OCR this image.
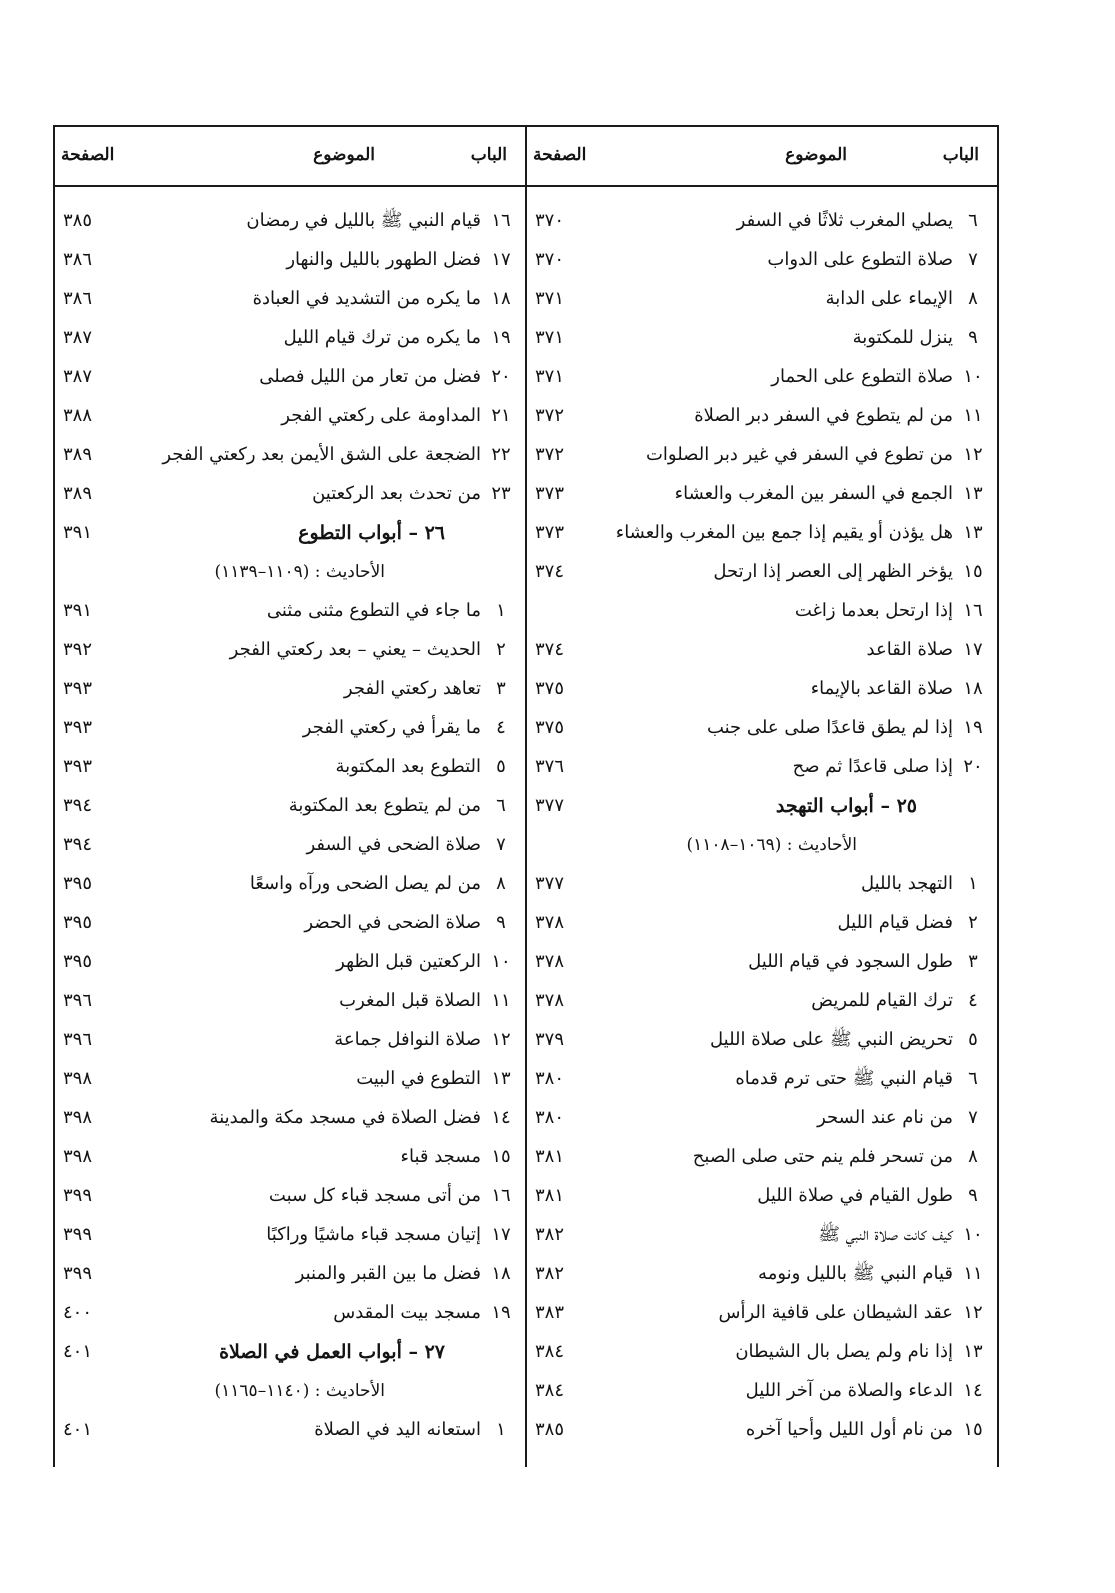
الباب
الموضوع
الصفحة
٦
يصلي المغرب ثلاثًا في السفر
٣٧٠
٧
صلاة التطوع على الدواب
٣٧٠
٨
الإيماء على الدابة
٣٧١
٩
ينزل للمكتوبة
٣٧١
١٠
صلاة التطوع على الحمار
٣٧١
١١
من لم يتطوع في السفر دبر الصلاة
٣٧٢
١٢
من تطوع في السفر في غير دبر الصلوات
٣٧٢
١٣
الجمع في السفر بين المغرب والعشاء
٣٧٣
١٣
هل يؤذن أو يقيم إذا جمع بين المغرب والعشاء
٣٧٣
١٥
يؤخر الظهر إلى العصر إذا ارتحل
٣٧٤
١٦
إذا ارتحل بعدما زاغت
١٧
صلاة القاعد
٣٧٤
١٨
صلاة القاعد بالإيماء
٣٧٥
١٩
إذا لم يطق قاعدًا صلى على جنب
٣٧٥
٢٠
إذا صلى قاعدًا ثم صح
٣٧٦
٢٥ – أبواب التهجد
٣٧٧
الأحاديث : (١٠٦٩–١١٠٨)
١
التهجد بالليل
٣٧٧
٢
فضل قيام الليل
٣٧٨
٣
طول السجود في قيام الليل
٣٧٨
٤
ترك القيام للمريض
٣٧٨
٥
تحريض النبي ﷺ على صلاة الليل
٣٧٩
٦
قيام النبي ﷺ حتى ترم قدماه
٣٨٠
٧
من نام عند السحر
٣٨٠
٨
من تسحر فلم ينم حتى صلى الصبح
٣٨١
٩
طول القيام في صلاة الليل
٣٨١
١٠
كيف كانت صلاة النبي ﷺ
٣٨٢
١١
قيام النبي ﷺ بالليل ونومه
٣٨٢
١٢
عقد الشيطان على قافية الرأس
٣٨٣
١٣
إذا نام ولم يصل بال الشيطان
٣٨٤
١٤
الدعاء والصلاة من آخر الليل
٣٨٤
١٥
من نام أول الليل وأحيا آخره
٣٨٥
الباب
الموضوع
الصفحة
١٦
قيام النبي ﷺ بالليل في رمضان
٣٨٥
١٧
فضل الطهور بالليل والنهار
٣٨٦
١٨
ما يكره من التشديد في العبادة
٣٨٦
١٩
ما يكره من ترك قيام الليل
٣٨٧
٢٠
فضل من تعار من الليل فصلى
٣٨٧
٢١
المداومة على ركعتي الفجر
٣٨٨
٢٢
الضجعة على الشق الأيمن بعد ركعتي الفجر
٣٨٩
٢٣
من تحدث بعد الركعتين
٣٨٩
٢٦ – أبواب التطوع
٣٩١
الأحاديث : (١١٠٩–١١٣٩)
١
ما جاء في التطوع مثنى مثنى
٣٩١
٢
الحديث – يعني – بعد ركعتي الفجر
٣٩٢
٣
تعاهد ركعتي الفجر
٣٩٣
٤
ما يقرأ في ركعتي الفجر
٣٩٣
٥
التطوع بعد المكتوبة
٣٩٣
٦
من لم يتطوع بعد المكتوبة
٣٩٤
٧
صلاة الضحى في السفر
٣٩٤
٨
من لم يصل الضحى ورآه واسعًا
٣٩٥
٩
صلاة الضحى في الحضر
٣٩٥
١٠
الركعتين قبل الظهر
٣٩٥
١١
الصلاة قبل المغرب
٣٩٦
١٢
صلاة النوافل جماعة
٣٩٦
١٣
التطوع في البيت
٣٩٨
١٤
فضل الصلاة في مسجد مكة والمدينة
٣٩٨
١٥
مسجد قباء
٣٩٨
١٦
من أتى مسجد قباء كل سبت
٣٩٩
١٧
إتيان مسجد قباء ماشيًا وراكبًا
٣٩٩
١٨
فضل ما بين القبر والمنبر
٣٩٩
١٩
مسجد بيت المقدس
٤٠٠
٢٧ – أبواب العمل في الصلاة
٤٠١
الأحاديث : (١١٤٠–١١٦٥)
١
استعانه اليد في الصلاة
٤٠١
